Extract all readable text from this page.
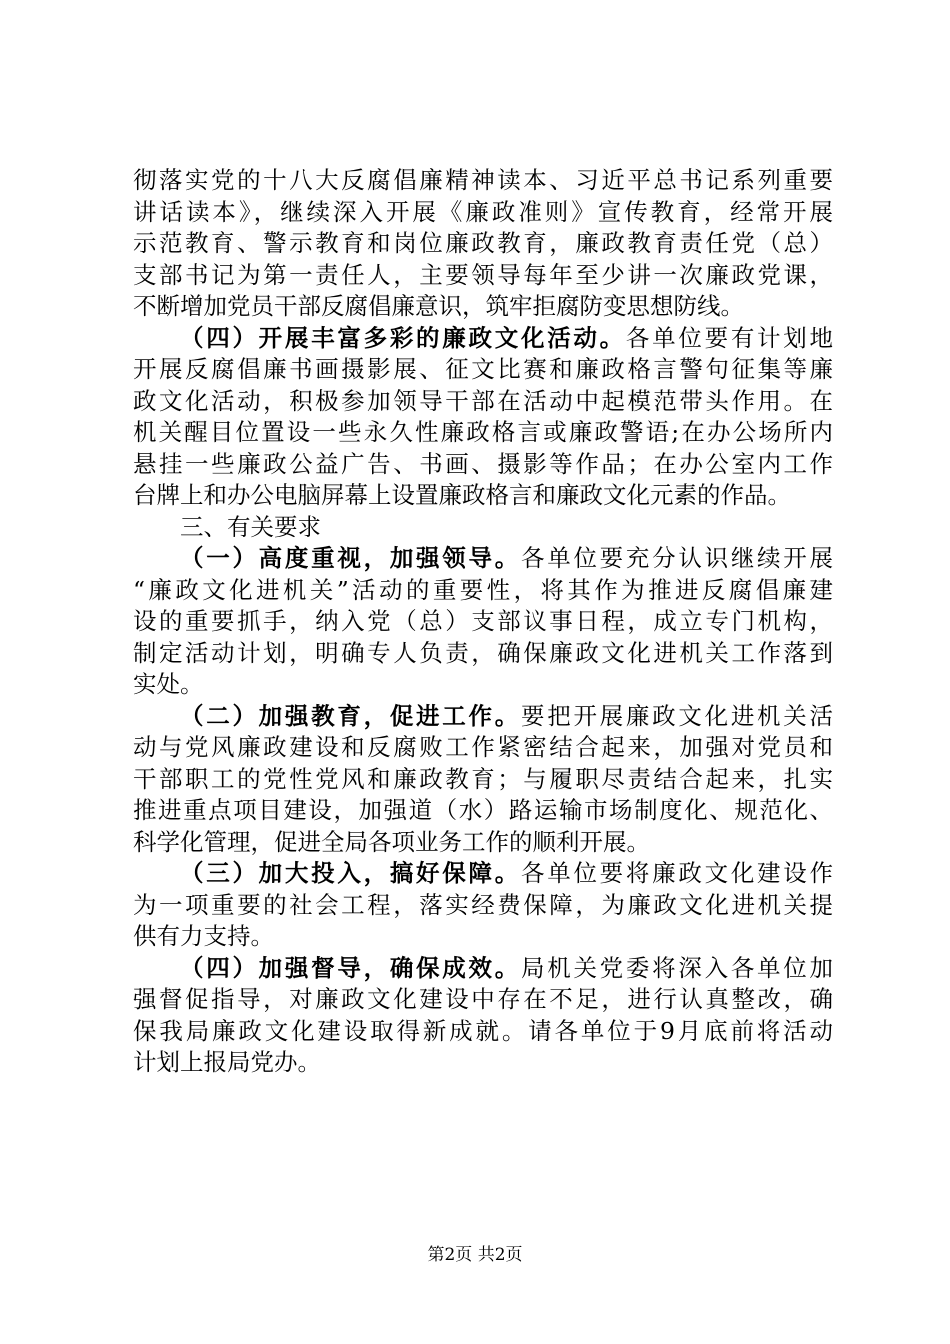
彻落实党的十八大反腐倡廉精神读本、习近平总书记系列重要
讲话读本》，继续深入开展《廉政准则》宣传教育，经常开展
示范教育、警示教育和岗位廉政教育，廉政教育责任党（总）
支部书记为第一责任人，主要领导每年至少讲一次廉政党课，
不断增加党员干部反腐倡廉意识，筑牢拒腐防变思想防线。
（四）开展丰富多彩的廉政文化活动。各单位要有计划地
开展反腐倡廉书画摄影展、征文比赛和廉政格言警句征集等廉
政文化活动，积极参加领导干部在活动中起模范带头作用。在
机关醒目位置设一些永久性廉政格言或廉政警语;在办公场所内
悬挂一些廉政公益广告、书画、摄影等作品；在办公室内工作
台牌上和办公电脑屏幕上设置廉政格言和廉政文化元素的作品。
三、有关要求
（一）高度重视，加强领导。各单位要充分认识继续开展
“廉政文化进机关”活动的重要性，将其作为推进反腐倡廉建
设的重要抓手，纳入党（总）支部议事日程，成立专门机构，
制定活动计划，明确专人负责，确保廉政文化进机关工作落到
实处。
（二）加强教育，促进工作。要把开展廉政文化进机关活
动与党风廉政建设和反腐败工作紧密结合起来，加强对党员和
干部职工的党性党风和廉政教育；与履职尽责结合起来，扎实
推进重点项目建设，加强道（水）路运输市场制度化、规范化、
科学化管理，促进全局各项业务工作的顺利开展。
（三）加大投入，搞好保障。各单位要将廉政文化建设作
为一项重要的社会工程，落实经费保障，为廉政文化进机关提
供有力支持。
（四）加强督导，确保成效。局机关党委将深入各单位加
强督促指导，对廉政文化建设中存在不足，进行认真整改，确
保我局廉政文化建设取得新成就。请各单位于9月底前将活动
计划上报局党办。
第2页 共2页
